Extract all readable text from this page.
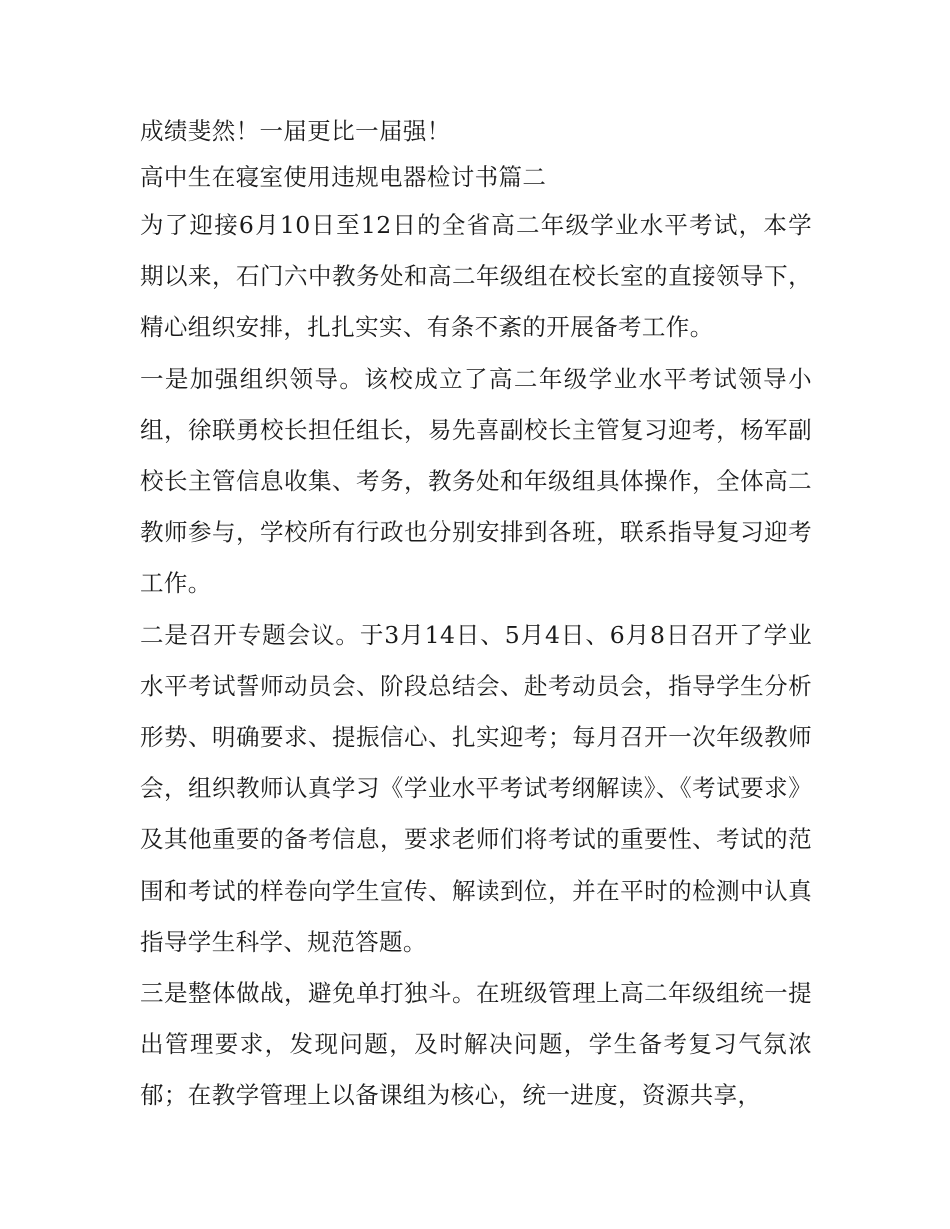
成绩斐然！一届更比一届强！

高中生在寝室使用违规电器检讨书篇二

为了迎接6月10日至12日的全省高二年级学业水平考试，本学期以来，石门六中教务处和高二年级组在校长室的直接领导下，精心组织安排，扎扎实实、有条不紊的开展备考工作。

一是加强组织领导。该校成立了高二年级学业水平考试领导小组，徐联勇校长担任组长，易先喜副校长主管复习迎考，杨军副校长主管信息收集、考务，教务处和年级组具体操作，全体高二教师参与，学校所有行政也分别安排到各班，联系指导复习迎考工作。

二是召开专题会议。于3月14日、5月4日、6月8日召开了学业水平考试誓师动员会、阶段总结会、赴考动员会，指导学生分析形势、明确要求、提振信心、扎实迎考；每月召开一次年级教师会，组织教师认真学习《学业水平考试考纲解读》、《考试要求》及其他重要的备考信息，要求老师们将考试的重要性、考试的范围和考试的样卷向学生宣传、解读到位，并在平时的检测中认真指导学生科学、规范答题。

三是整体做战，避免单打独斗。在班级管理上高二年级组统一提出管理要求，发现问题，及时解决问题，学生备考复习气氛浓郁；在教学管理上以备课组为核心，统一进度，资源共享，
